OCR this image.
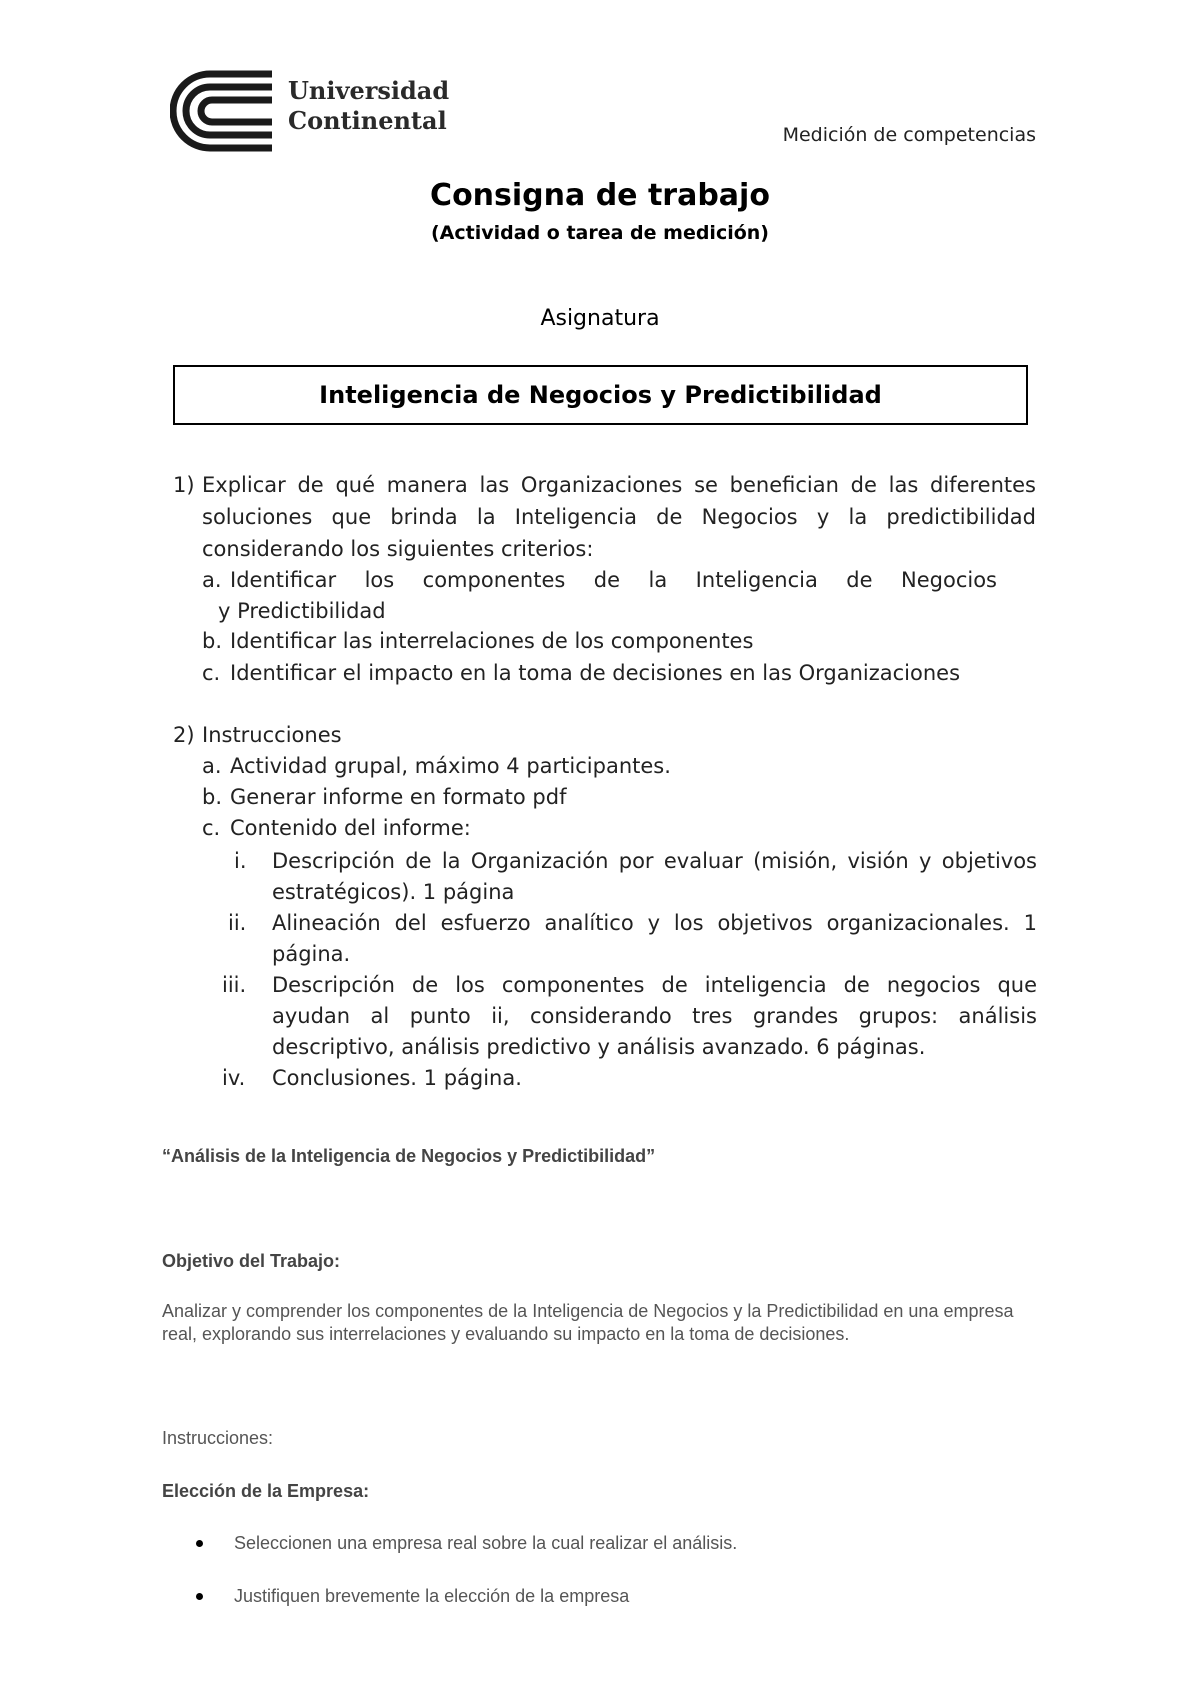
Universidad
Continental	Medición de competencias
Consigna de trabajo
(Actividad o tarea de medición)
Asignatura
Inteligencia de Negocios y Predictibilidad
1) Explicar de qué manera las Organizaciones se benefician de las diferentes
soluciones que brinda la Inteligencia de Negocios y la predictibilidad
considerando los siguientes criterios:
a. Identificar los componentes de la Inteligencia de Negocios
y Predictibilidad
b. Identificar las interrelaciones de los componentes
c. Identificar el impacto en la toma de decisiones en las Organizaciones
2) Instrucciones
a. Actividad grupal, máximo 4 participantes.
b. Generar informe en formato pdf
c. Contenido del informe:
i. Descripción de la Organización por evaluar (misión, visión y objetivos
estratégicos). 1 página
ii. Alineación del esfuerzo analítico y los objetivos organizacionales. 1
página.
iii. Descripción de los componentes de inteligencia de negocios que
ayudan al punto ii, considerando tres grandes grupos: análisis
descriptivo, análisis predictivo y análisis avanzado. 6 páginas.
iv. Conclusiones. 1 página.
“Análisis de la Inteligencia de Negocios y Predictibilidad”
Objetivo del Trabajo:
Analizar y comprender los componentes de la Inteligencia de Negocios y la Predictibilidad en una empresa real, explorando sus interrelaciones y evaluando su impacto en la toma de decisiones.
Instrucciones:
Elección de la Empresa:
Seleccionen una empresa real sobre la cual realizar el análisis.
Justifiquen brevemente la elección de la empresa
